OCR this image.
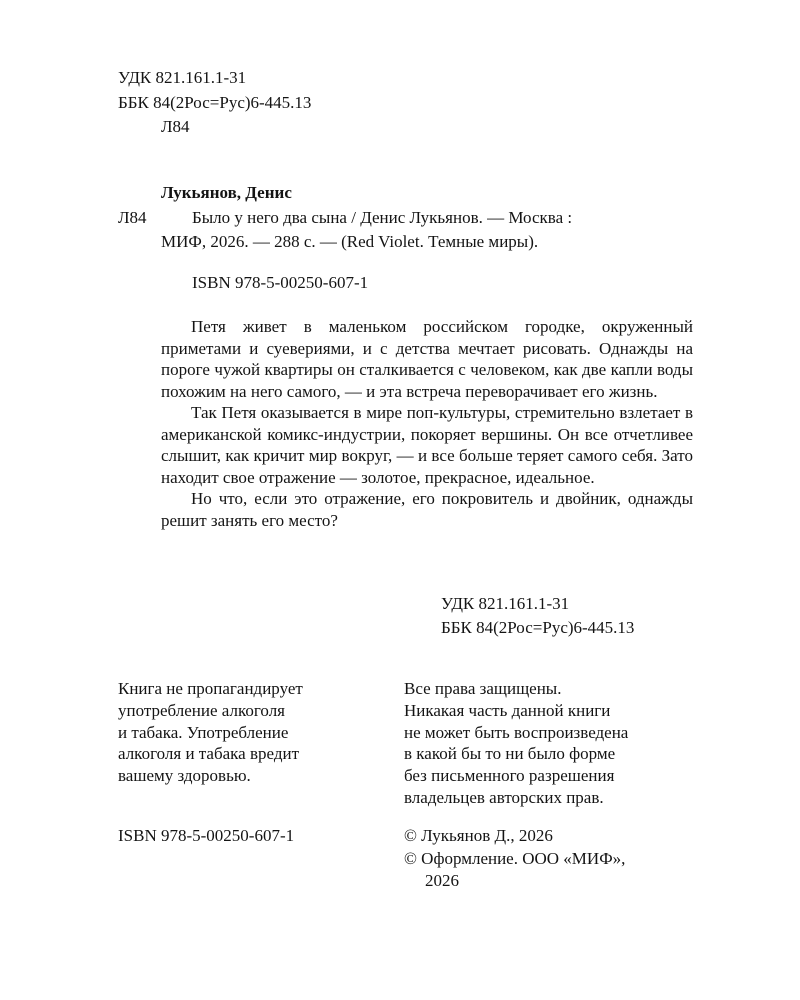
УДК 821.161.1-31
ББК 84(2Рос=Рус)6-445.13
Л84
Лукьянов, Денис
Л84	Было у него два сына / Денис Лукьянов. — Москва :
МИФ, 2026. — 288 с. — (Red Violet. Темные миры).
ISBN 978-5-00250-607-1

Петя живет в маленьком российском городке, окруженный приметами и суевериями, и с детства мечтает рисовать. Однажды на пороге чужой квартиры он сталкивается с человеком, как две капли воды похожим на него самого, — и эта встреча переворачивает его жизнь.

Так Петя оказывается в мире поп-культуры, стремительно взлетает в американской комикс-индустрии, покоряет вершины. Он все отчетливее слышит, как кричит мир вокруг, — и все больше теряет самого себя. Зато находит свое отражение — золотое, прекрасное, идеальное.

Но что, если это отражение, его покровитель и двойник, однажды решит занять его место?

УДК 821.161.1-31
ББК 84(2Рос=Рус)6-445.13
Книга не пропагандирует
употребление алкоголя
и табака. Употребление
алкоголя и табака вредит
вашему здоровью.
Все права защищены.
Никакая часть данной книги
не может быть воспроизведена
в какой бы то ни было форме
без письменного разрешения
владельцев авторских прав.
ISBN 978-5-00250-607-1	© Лукьянов Д., 2026
© Оформление. ООО «МИФ»,
2026
